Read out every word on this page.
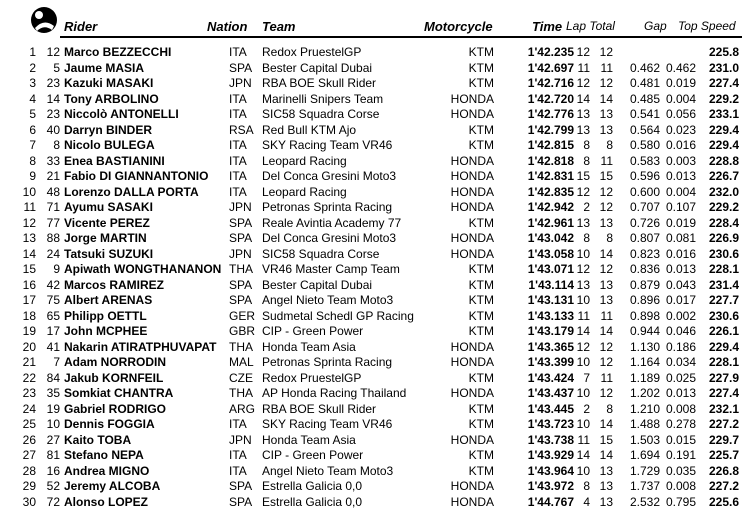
Rider	Nation Team	Motorcycle	Time Lap Total Gap Top Speed
1 12 Marco BEZZECCHI	ITA	Redox PruestelGP	KTM	1'42.235 12 12	225.8
2	5 Jaume MASIA	SPA Bester Capital Dubai	KTM	1'42.697 11 11	0.462 0.462	231.0
3 23 Kazuki MASAKI	JPN RBA BOE Skull Rider	KTM	1'42.716 12 12	0.481 0.019	227.4
4 14 Tony ARBOLINO	ITA	Marinelli Snipers Team	HONDA	1'42.720 14 14	0.485 0.004	229.2
5 23 Niccolò ANTONELLI	ITA	SIC58 Squadra Corse	HONDA	1'42.776 13 13	0.541 0.056	233.1
6 40 Darryn BINDER	RSA Red Bull KTM Ajo	KTM	1'42.799 13 13	0.564 0.023	229.4
7	8 Nicolo BULEGA	ITA	SKY Racing Team VR46	KTM	1'42.815 8	8	0.580 0.016	229.4
8 33 Enea BASTIANINI	ITA	Leopard Racing	HONDA	1'42.818 8 11	0.583 0.003	228.8
9 21 Fabio DI GIANNANTONIO	ITA	Del Conca Gresini Moto3	HONDA	1'42.831 15 15	0.596 0.013	226.7
10 48 Lorenzo DALLA PORTA	ITA	Leopard Racing	HONDA	1'42.835 12 12	0.600 0.004	232.0
11 71 Ayumu SASAKI	JPN Petronas Sprinta Racing	HONDA	1'42.942 2 12	0.707 0.107	229.2
12 77 Vicente PEREZ	SPA Reale Avintia Academy 77	KTM	1'42.961 13 13	0.726 0.019	228.4
13 88 Jorge MARTIN	SPA Del Conca Gresini Moto3	HONDA	1'43.042 8	8	0.807 0.081	226.9
14 24 Tatsuki SUZUKI	JPN SIC58 Squadra Corse	HONDA	1'43.058 10 14	0.823 0.016	230.6
15	9 Apiwath WONGTHANANON THA VR46 Master Camp Team	KTM	1'43.071 12 12	0.836 0.013	228.1
16 42 Marcos RAMIREZ	SPA Bester Capital Dubai	KTM	1'43.114 13 13	0.879 0.043	231.4
17 75 Albert ARENAS	SPA Angel Nieto Team Moto3	KTM	1'43.131 10 13	0.896 0.017	227.7
18 65 Philipp OETTL	GER Sudmetal Schedl GP Racing	KTM	1'43.133 11 11	0.898 0.002	230.6
19 17 John MCPHEE	GBR CIP - Green Power	KTM	1'43.179 14 14	0.944 0.046	226.1
20 41 Nakarin ATIRATPHUVAPAT	THA Honda Team Asia	HONDA	1'43.365 12 12	1.130 0.186	229.4
21	7 Adam NORRODIN	MAL Petronas Sprinta Racing	HONDA	1'43.399 10 12	1.164 0.034	228.1
22 84 Jakub KORNFEIL	CZE Redox PruestelGP	KTM	1'43.424 7 11	1.189 0.025	227.9
23 35 Somkiat CHANTRA	THA AP Honda Racing Thailand	HONDA	1'43.437 10 12	1.202 0.013	227.4
24 19 Gabriel RODRIGO	ARG RBA BOE Skull Rider	KTM	1'43.445 2	8	1.210 0.008	232.1
25 10 Dennis FOGGIA	ITA	SKY Racing Team VR46	KTM	1'43.723 10 14	1.488 0.278	227.2
26 27 Kaito TOBA	JPN Honda Team Asia	HONDA	1'43.738 11 15	1.503 0.015	229.7
27 81 Stefano NEPA	ITA	CIP - Green Power	KTM	1'43.929 14 14	1.694 0.191	225.7
28 16 Andrea MIGNO	ITA	Angel Nieto Team Moto3	KTM	1'43.964 10 13	1.729 0.035	226.8
29 52 Jeremy ALCOBA	SPA Estrella Galicia 0,0	HONDA	1'43.972 8 13	1.737 0.008	227.2
30 72 Alonso LOPEZ	SPA Estrella Galicia 0,0	HONDA	1'44.767 4 13	2.532 0.795	225.6
